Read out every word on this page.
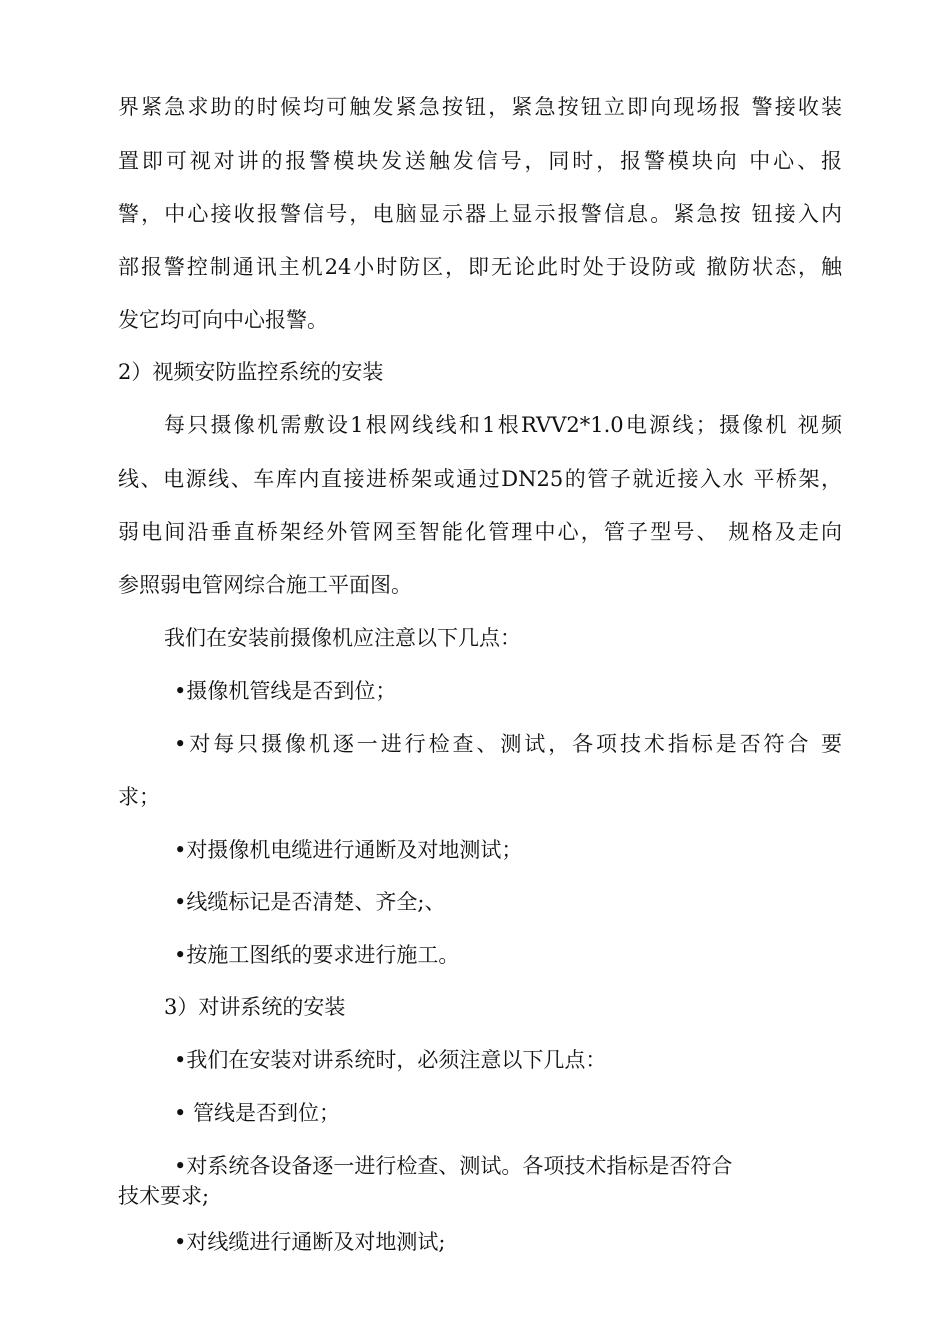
界紧急求助的时候均可触发紧急按钮，紧急按钮立即向现场报 警接收装
置即可视对讲的报警模块发送触发信号，同时，报警模块向 中心、报
警，中心接收报警信号，电脑显示器上显示报警信息。紧急按 钮接入内
部报警控制通讯主机24小时防区，即无论此时处于设防或 撤防状态，触
发它均可向中心报警。
2）视频安防监控系统的安装
每只摄像机需敷设1根网线线和1根RVV2*1.0电源线；摄像机 视频
线、电源线、车库内直接进桥架或通过DN25的管子就近接入水 平桥架，
弱电间沿垂直桥架经外管网至智能化管理中心，管子型号、 规格及走向
参照弱电管网综合施工平面图。
我们在安装前摄像机应注意以下几点：
•摄像机管线是否到位；
•对每只摄像机逐一进行检查、测试，各项技术指标是否符合 要
求；
•对摄像机电缆进行通断及对地测试；
•线缆标记是否清楚、齐全;、
•按施工图纸的要求进行施工。
3）对讲系统的安装
•我们在安装对讲系统时，必须注意以下几点：
• 管线是否到位；
•对系统各设备逐一进行检查、测试。各项技术指标是否符合
技术要求;
•对线缆进行通断及对地测试;
